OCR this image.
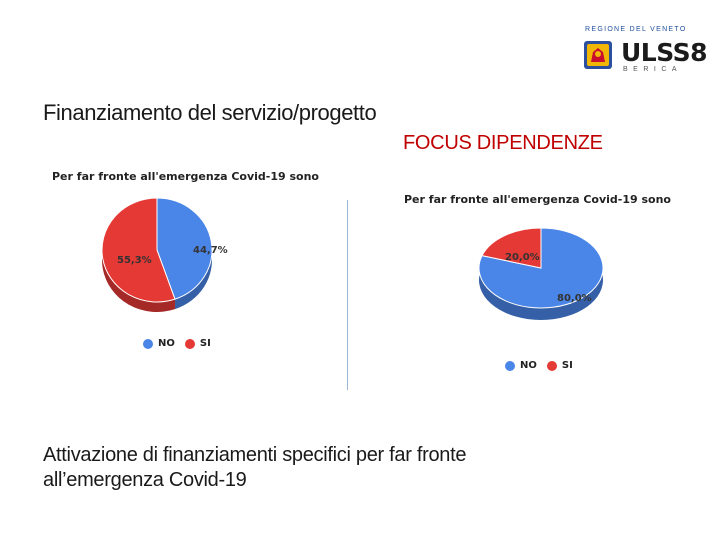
REGIONE DEL VENETO
ULSS8
BERICA
Finanziamento del servizio/progetto
FOCUS DIPENDENZE
Per far fronte all'emergenza Covid-19 sono
44,7%
55,3%
NO	SI
Per far fronte all'emergenza Covid-19 sono
80,0%
20,0%
NO	SI
Attivazione di finanziamenti specifici per far fronte
all’emergenza Covid-19
